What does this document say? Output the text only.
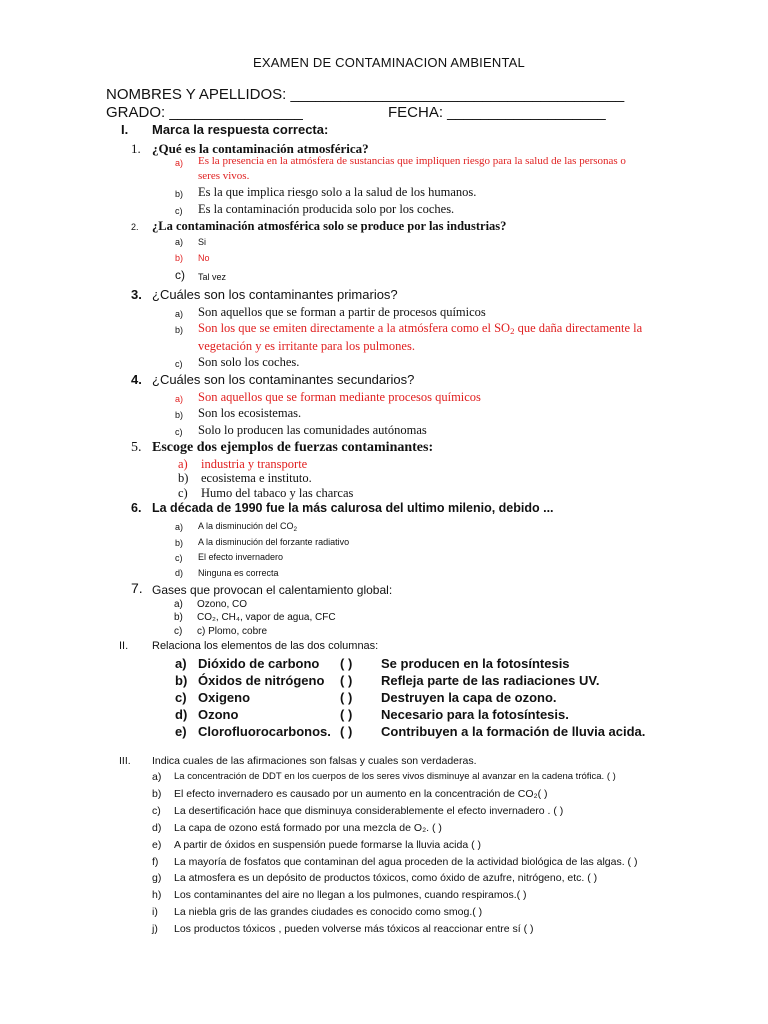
EXAMEN DE CONTAMINACION AMBIENTAL
NOMBRES Y APELLIDOS: ________________________________________
GRADO: ________________	FECHA: ___________________
I. Marca la respuesta correcta:
1. ¿Qué es la contaminación atmosférica?
a) Es la presencia en la atmósfera de sustancias que impliquen riesgo para la salud de las personas o
seres vivos.
b) Es la que implica riesgo solo a la salud de los humanos.
c) Es la contaminación producida solo por los coches.
2. ¿La contaminación atmosférica solo se produce por las industrias?
a) Si
b) No
c) Tal vez
3. ¿Cuáles son los contaminantes primarios?
a) Son aquellos que se forman a partir de procesos químicos
b) Son los que se emiten directamente a la atmósfera como el $SO_2$ que daña directamente la
vegetación y es irritante para los pulmones.
c) Son solo los coches.
4. ¿Cuáles son los contaminantes secundarios?
a) Son aquellos que se forman mediante procesos químicos
b) Son los ecosistemas.
c) Solo lo producen las comunidades autónomas
5. Escoge dos ejemplos de fuerzas contaminantes:
a) industria y transporte
b) ecosistema e instituto.
c) Humo del tabaco y las charcas
6. La década de 1990 fue la más calurosa del ultimo milenio, debido ...
a) A la disminución del $CO_2$
b) A la disminución del forzante radiativo
c) El efecto invernadero
d) Ninguna es correcta
7. Gases que provocan el calentamiento global:
a) Ozono, CO
b) CO₂, CH₄, vapor de agua, CFC
c) c) Plomo, cobre
II. Relaciona los elementos de las dos columnas:
a) Dióxido de carbono ( ) Se producen en la fotosíntesis
b) Óxidos de nitrógeno ( ) Refleja parte de las radiaciones UV.
c) Oxigeno	( ) Destruyen la capa de ozono.
d) Ozono	( ) Necesario para la fotosíntesis.
e) Clorofluorocarbonos. ( ) Contribuyen a la formación de lluvia acida.
III. Indica cuales de las afirmaciones son falsas y cuales son verdaderas.
a) La concentración de DDT en los cuerpos de los seres vivos disminuye al avanzar en la cadena trófica. ( )
b) El efecto invernadero es causado por un aumento en la concentración de CO₂( )
c) La desertificación hace que disminuya considerablemente el efecto invernadero . ( )
d) La capa de ozono está formado por una mezcla de O₂. ( )
e) A partir de óxidos en suspensión puede formarse la lluvia acida ( )
f) La mayoría de fosfatos que contaminan del agua proceden de la actividad biológica de las algas. ( )
g) La atmosfera es un depósito de productos tóxicos, como óxido de azufre, nitrógeno, etc. ( )
h) Los contaminantes del aire no llegan a los pulmones, cuando respiramos.( )
i) La niebla gris de las grandes ciudades es conocido como smog.( )
j) Los productos tóxicos , pueden volverse más tóxicos al reaccionar entre sí ( )
